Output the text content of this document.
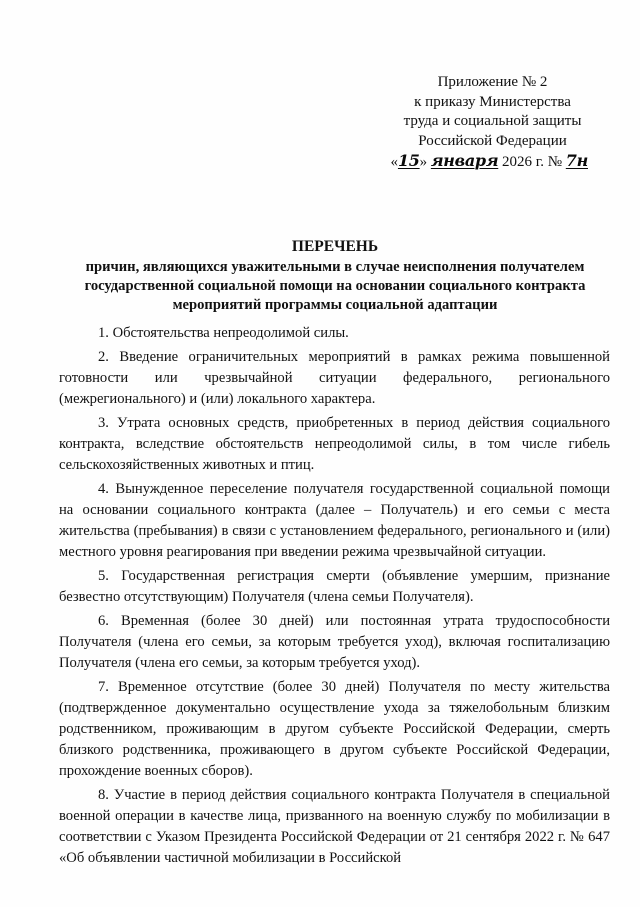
Приложение № 2
к приказу Министерства
труда и социальной защиты
Российской Федерации
«15» января 2026 г. № 7н
ПЕРЕЧЕНЬ
причин, являющихся уважительными в случае неисполнения получателем государственной социальной помощи на основании социального контракта мероприятий программы социальной адаптации

1. Обстоятельства непреодолимой силы.

2. Введение ограничительных мероприятий в рамках режима повышенной готовности или чрезвычайной ситуации федерального, регионального (межрегионального) и (или) локального характера.

3. Утрата основных средств, приобретенных в период действия социального контракта, вследствие обстоятельств непреодолимой силы, в том числе гибель сельскохозяйственных животных и птиц.

4. Вынужденное переселение получателя государственной социальной помощи на основании социального контракта (далее – Получатель) и его семьи с места жительства (пребывания) в связи с установлением федерального, регионального и (или) местного уровня реагирования при введении режима чрезвычайной ситуации.

5. Государственная регистрация смерти (объявление умершим, признание безвестно отсутствующим) Получателя (члена семьи Получателя).

6. Временная (более 30 дней) или постоянная утрата трудоспособности Получателя (члена его семьи, за которым требуется уход), включая госпитализацию Получателя (члена его семьи, за которым требуется уход).

7. Временное отсутствие (более 30 дней) Получателя по месту жительства (подтвержденное документально осуществление ухода за тяжелобольным близким родственником, проживающим в другом субъекте Российской Федерации, смерть близкого родственника, проживающего в другом субъекте Российской Федерации, прохождение военных сборов).

8. Участие в период действия социального контракта Получателя в специальной военной операции в качестве лица, призванного на военную службу по мобилизации в соответствии с Указом Президента Российской Федерации от 21 сентября 2022 г. № 647 «Об объявлении частичной мобилизации в Российской
